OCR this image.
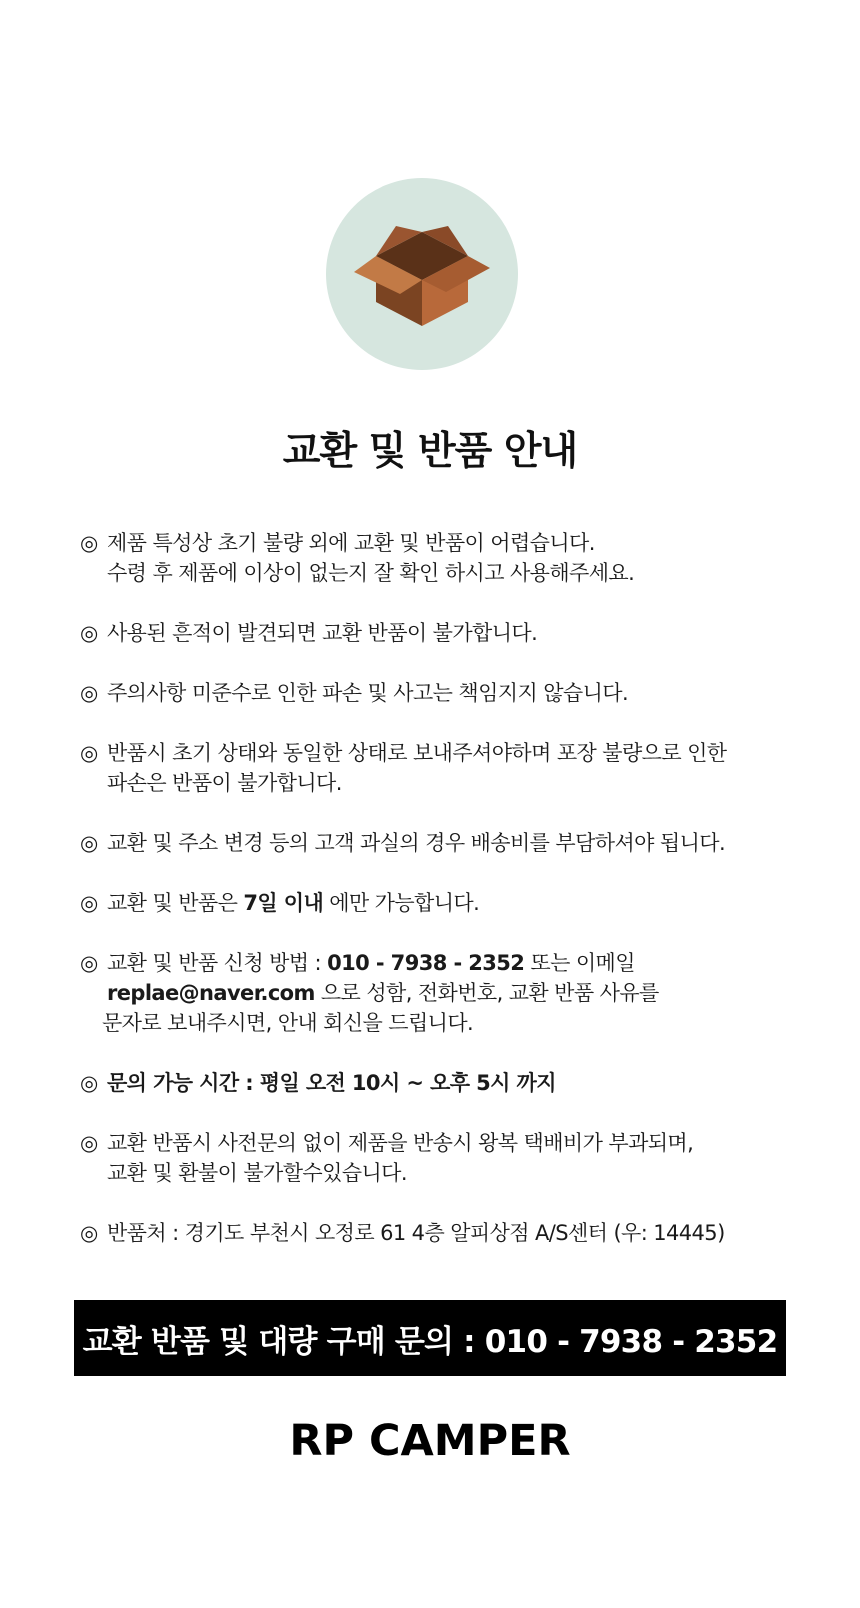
교환 및 반품 안내
◎ 제품 특성상 초기 불량 외에 교환 및 반품이 어렵습니다.
수령 후 제품에 이상이 없는지 잘 확인 하시고 사용해주세요.
◎ 사용된 흔적이 발견되면 교환 반품이 불가합니다.
◎ 주의사항 미준수로 인한 파손 및 사고는 책임지지 않습니다.
◎ 반품시 초기 상태와 동일한 상태로 보내주셔야하며 포장 불량으로 인한
파손은 반품이 불가합니다.
◎ 교환 및 주소 변경 등의 고객 과실의 경우 배송비를 부담하셔야 됩니다.
◎ 교환 및 반품은 7일 이내 에만 가능합니다.
◎ 교환 및 반품 신청 방법 : 010 - 7938 - 2352 또는 이메일
replae@naver.com 으로 성함, 전화번호, 교환 반품 사유를
문자로 보내주시면, 안내 회신을 드립니다.
◎ 문의 가능 시간 : 평일 오전 10시 ~ 오후 5시 까지
◎ 교환 반품시 사전문의 없이 제품을 반송시 왕복 택배비가 부과되며,
교환 및 환불이 불가할수있습니다.
◎ 반품처 : 경기도 부천시 오정로 61 4층 알피상점 A/S센터 (우: 14445)
교환 반품 및 대량 구매 문의 : 010 - 7938 - 2352
RP CAMPER
